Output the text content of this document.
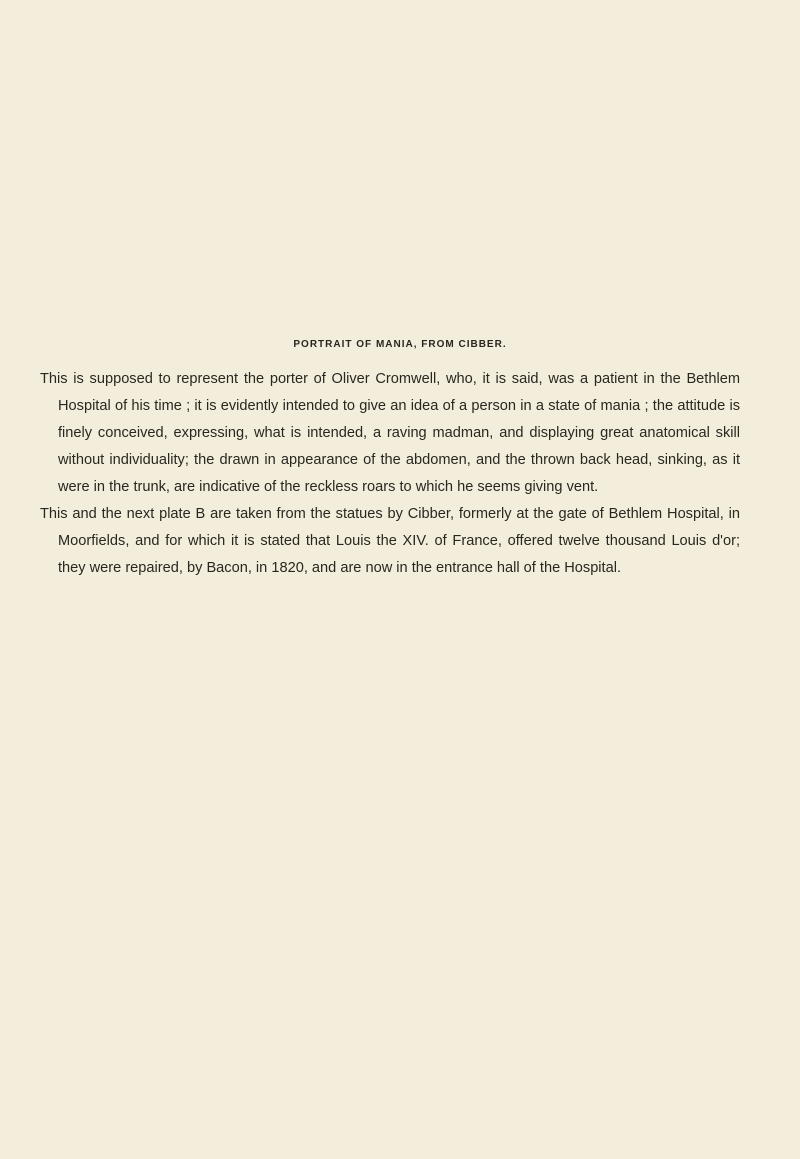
PORTRAIT OF MANIA, FROM CIBBER.

This is supposed to represent the porter of Oliver Cromwell, who, it is said, was a patient in the Bethlem Hospital of his time ; it is evidently intended to give an idea of a person in a state of mania ; the attitude is finely conceived, expressing, what is intended, a raving madman, and displaying great anatomical skill without individuality; the drawn in appearance of the abdomen, and the thrown back head, sinking, as it were in the trunk, are indicative of the reckless roars to which he seems giving vent.

This and the next plate B are taken from the statues by Cibber, formerly at the gate of Bethlem Hospital, in Moorfields, and for which it is stated that Louis the XIV. of France, offered twelve thousand Louis d'or; they were repaired, by Bacon, in 1820, and are now in the entrance hall of the Hospital.
